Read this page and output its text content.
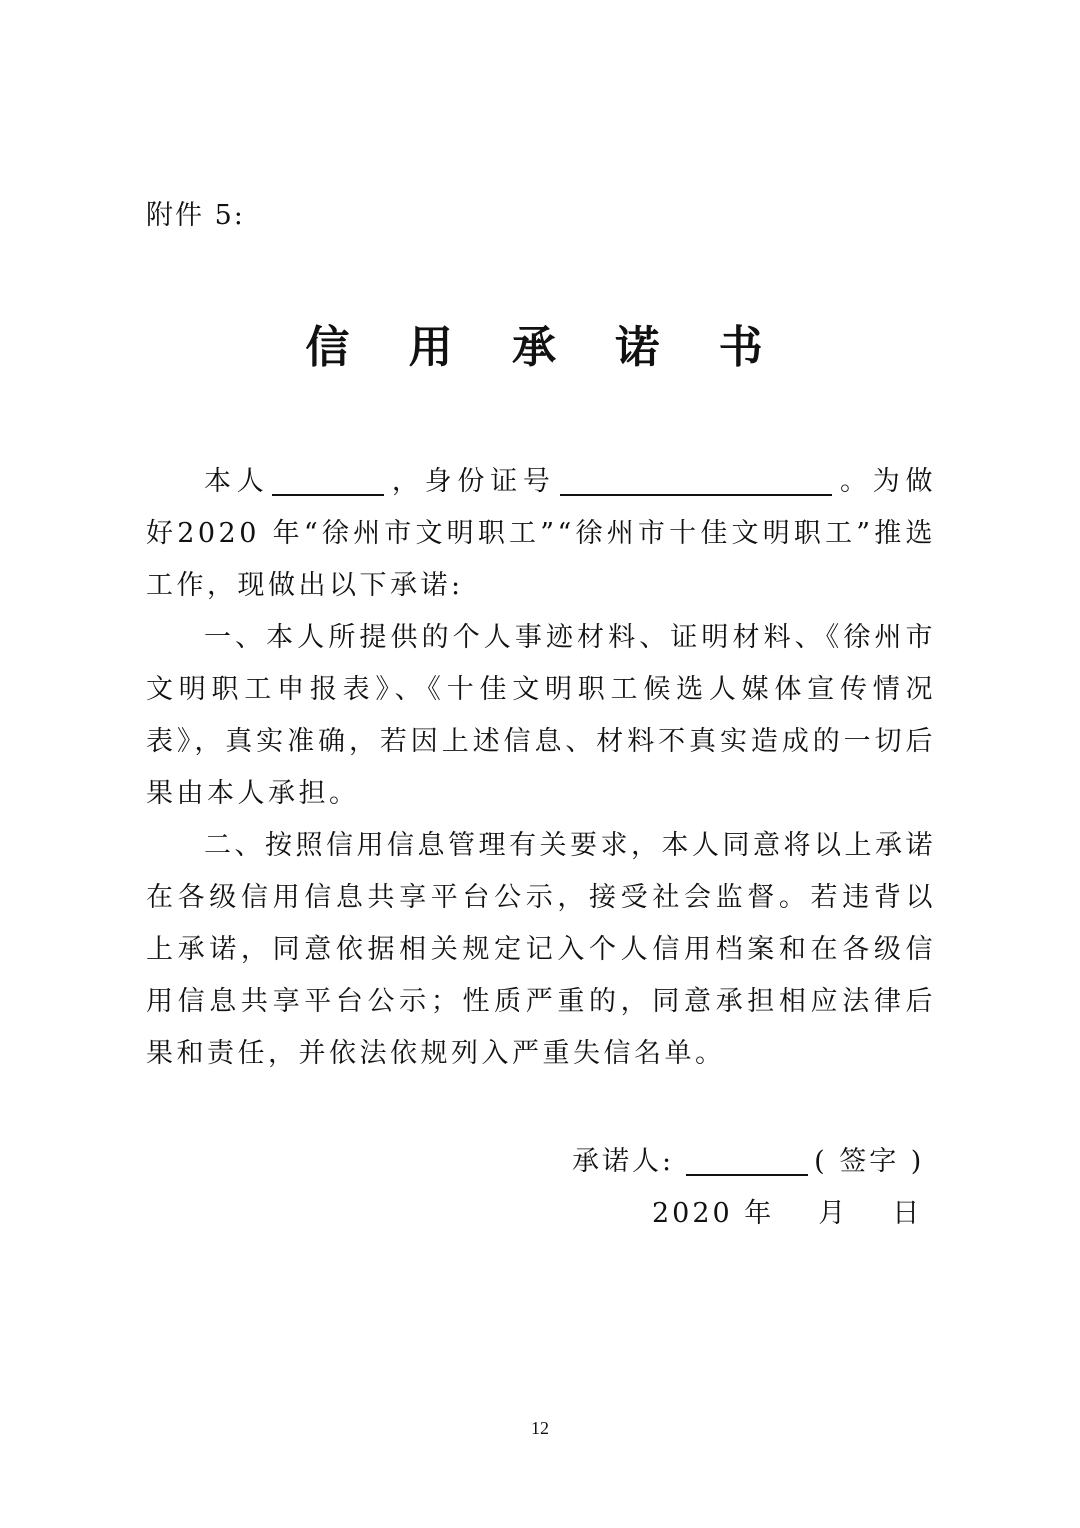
附件 5:
信 用 承 诺 书

本人	，身份证号	。为做好2020 年“徐州市文明职工”“徐州市十佳文明职工”推选工作，现做出以下承诺:

一、本人所提供的个人事迹材料、证明材料、《徐州市文明职工申报表》、《十佳文明职工候选人媒体宣传情况表》，真实准确，若因上述信息、材料不真实造成的一切后果由本人承担。

二、按照信用信息管理有关要求，本人同意将以上承诺在各级信用信息共享平台公示，接受社会监督。若违背以上承诺，同意依据相关规定记入个人信用档案和在各级信用信息共享平台公示；性质严重的，同意承担相应法律后果和责任，并依法依规列入严重失信名单。

承诺人:	( 签字 )
2020 年 月 日
12
